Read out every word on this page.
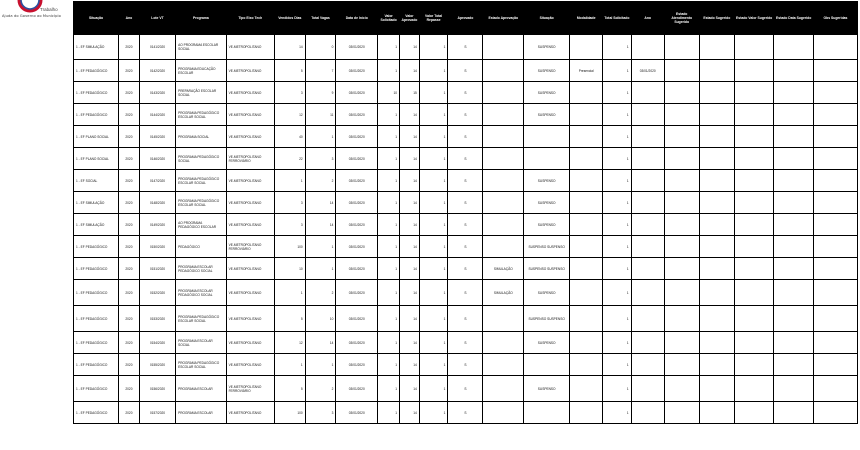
Trabalho
Ajuda do Governo ao Município	Situação	Ano	Lote VT	Programa	Tipo Eixo Tech	Vendidos Dias	Total Vagas	Data de Início	Valor Solicitado	Valor Aprovado	Valor Total Repasse	Aprovado	Estado Aprovação	Situação	Modalidade	Total Solicitado	Ano	Estado Atendimento Sugerido	Estado Sugerido	Estado Valor Sugerido	Estado Data Sugerido	Obs Sugeridas
1 - EF SIMULAÇÃO	2020	0141/2020	AO PROGRAMA ESCOLAR SOCIAL	VE-METROPOLITANO	14	0	03/01/2020	1	14	1	S		SUSPENSO		1						
1 - EF PEDAGÓGICO	2020	0142/2020	PROGRAMA EDUCAÇÃO ESCOLAR	VE-METROPOLITANO	5	7	03/01/2020	1	14	1	S		SUSPENSO	Presencial	1	03/01/2020					
1 - EF PEDAGÓGICO	2020	0143/2020	PREPARAÇÃO ESCOLAR SOCIAL	VE-METROPOLITANO	3	9	03/01/2020	10	15	1	S		SUSPENSO		1						
1 - EF PEDAGÓGICO	2020	0144/2020	PROGRAMA PEDAGÓGICO ESCOLAR SOCIAL	VE-METROPOLITANO	12	11	03/01/2020	1	14	1	S		SUSPENSO		1						
1 - EF PLANO SOCIAL	2020	0145/2020	PROGRAMA SOCIAL	VE-METROPOLITANO	40	1	03/01/2020	1	14	1	S				1						
1 - EF PLANO SOCIAL	2020	0146/2020	PROGRAMA PEDAGÓGICO SOCIAL	VE-METROPOLITANO FERROVIÁRIO	22	3	03/01/2020	1	14	1	S				1						
1 - EF SOCIAL	2020	0147/2020	PROGRAMA PEDAGÓGICO ESCOLAR SOCIAL	VE-METROPOLITANO	1	2	03/01/2020	1	14	1	S		SUSPENSO		1						
1 - EF SIMULAÇÃO	2020	0148/2020	PROGRAMA PEDAGÓGICO ESCOLAR SOCIAL	VE-METROPOLITANO	3	14	03/01/2020	1	14	1	S		SUSPENSO		1						
1 - EF SIMULAÇÃO	2020	0149/2020	AO PROGRAMA PEDAGÓGICO ESCOLAR	VE-METROPOLITANO	3	14	03/01/2020	1	14	1	S		SUSPENSO		1						
1 - EF PEDAGÓGICO	2020	0150/2020	PEDAGÓGICO	VE-METROPOLITANO FERROVIÁRIO	100	1	03/01/2020	1	14	1	S		SUSPENSO SUSPENSO		1						
1 - EF PEDAGÓGICO	2020	0151/2020	PROGRAMA ESCOLAR PEDAGÓGICO SOCIAL	VE-METROPOLITANO	10	1	03/01/2020	1	14	1	S	SIMULAÇÃO	SUSPENSO SUSPENSO		1						
1 - EF PEDAGÓGICO	2020	0152/2020	PROGRAMA ESCOLAR PEDAGÓGICO SOCIAL	VE-METROPOLITANO	1	2	03/01/2020	1	14	1	S	SIMULAÇÃO	SUSPENSO		1						
1 - EF PEDAGÓGICO	2020	0153/2020	PROGRAMA PEDAGÓGICO ESCOLAR SOCIAL	VE-METROPOLITANO	5	10	03/01/2020	1	14	1	S		SUSPENSO SUSPENSO		1						
1 - EF PEDAGÓGICO	2020	0154/2020	PROGRAMA ESCOLAR SOCIAL	VE-METROPOLITANO	12	14	03/01/2020	1	14	1	S		SUSPENSO		1						
1 - EF PEDAGÓGICO	2020	0155/2020	PROGRAMA PEDAGÓGICO ESCOLAR SOCIAL	VE-METROPOLITANO	1	1	03/01/2020	1	14	1	S				1						
1 - EF PEDAGÓGICO	2020	0156/2020	PROGRAMA ESCOLAR	VE-METROPOLITANO FERROVIÁRIO	5	2	03/01/2020	1	14	1	S		SUSPENSO		1						
1 - EF PEDAGÓGICO	2020	0157/2020	PROGRAMA ESCOLAR	VE-METROPOLITANO	100	3	03/01/2020	1	14	1	S				1						
